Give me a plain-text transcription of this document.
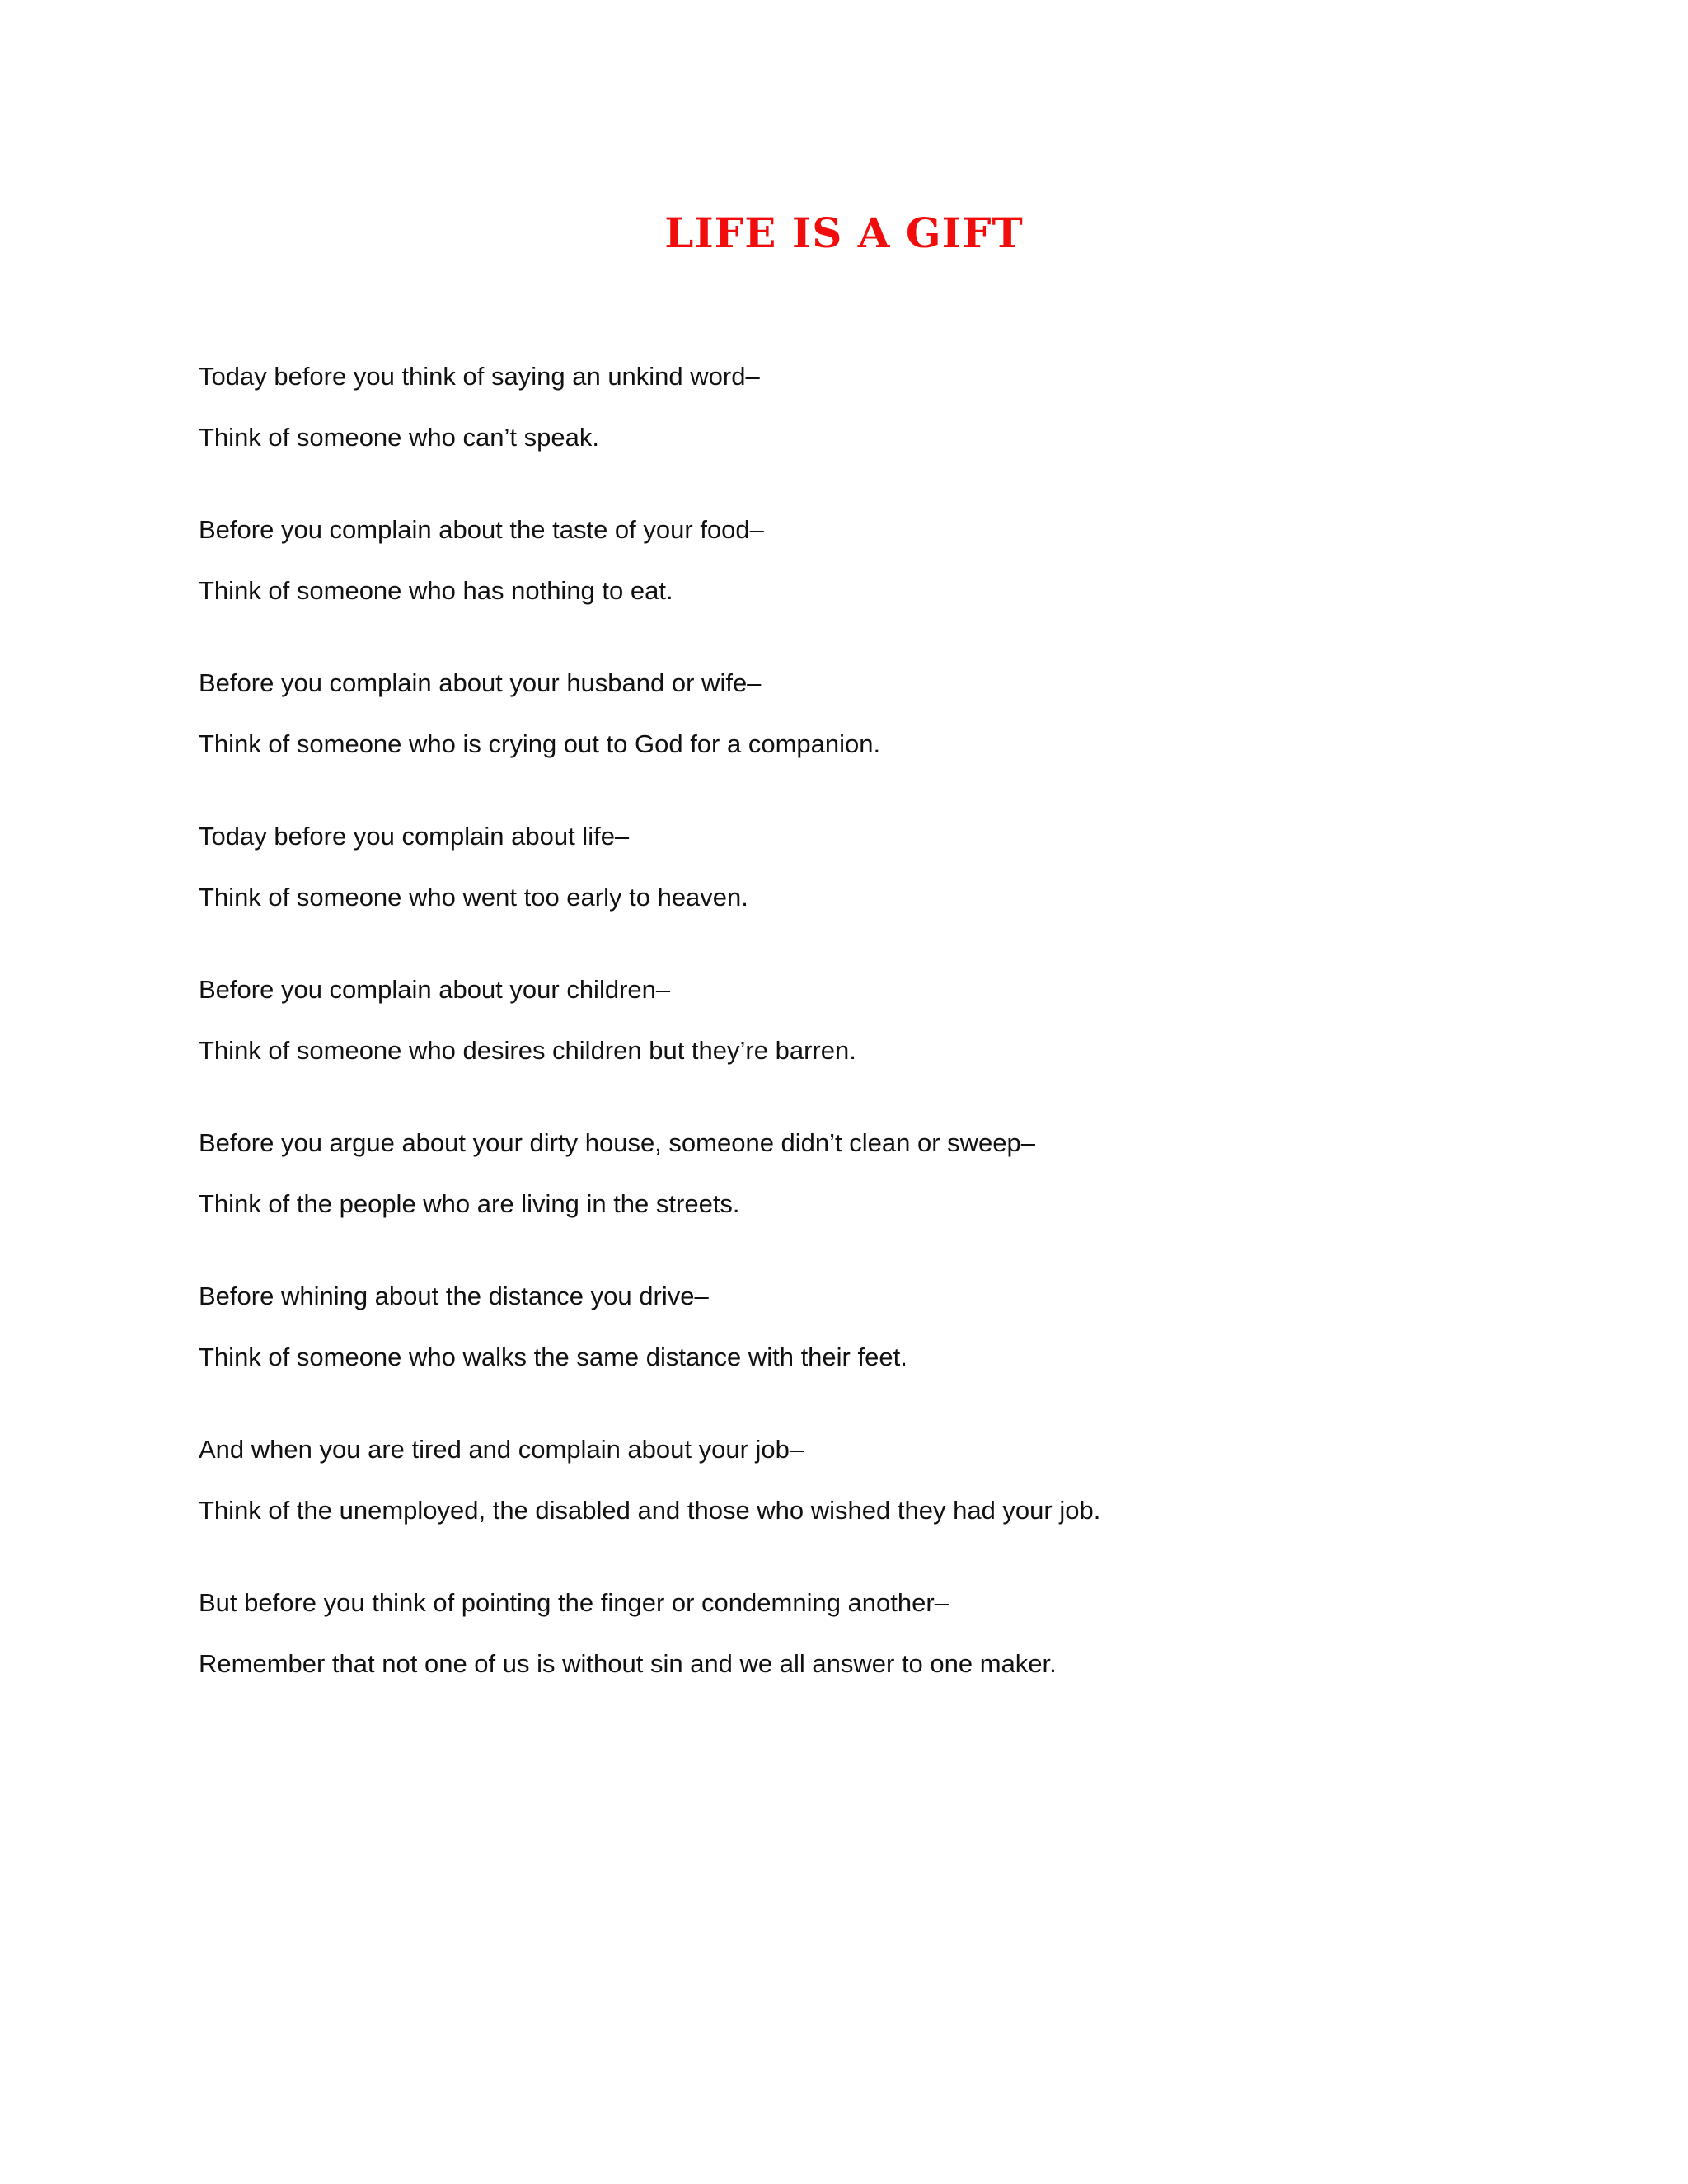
LIFE IS A GIFT
Today before you think of saying an unkind word–
Think of someone who can’t speak.
Before you complain about the taste of your food–
Think of someone who has nothing to eat.
Before you complain about your husband or wife–
Think of someone who is crying out to God for a companion.
Today before you complain about life–
Think of someone who went too early to heaven.
Before you complain about your children–
Think of someone who desires children but they’re barren.
Before you argue about your dirty house, someone didn’t clean or sweep–
Think of the people who are living in the streets.
Before whining about the distance you drive–
Think of someone who walks the same distance with their feet.
And when you are tired and complain about your job–
Think of the unemployed, the disabled and those who wished they had your job.
But before you think of pointing the finger or condemning another–
Remember that not one of us is without sin and we all answer to one maker.
